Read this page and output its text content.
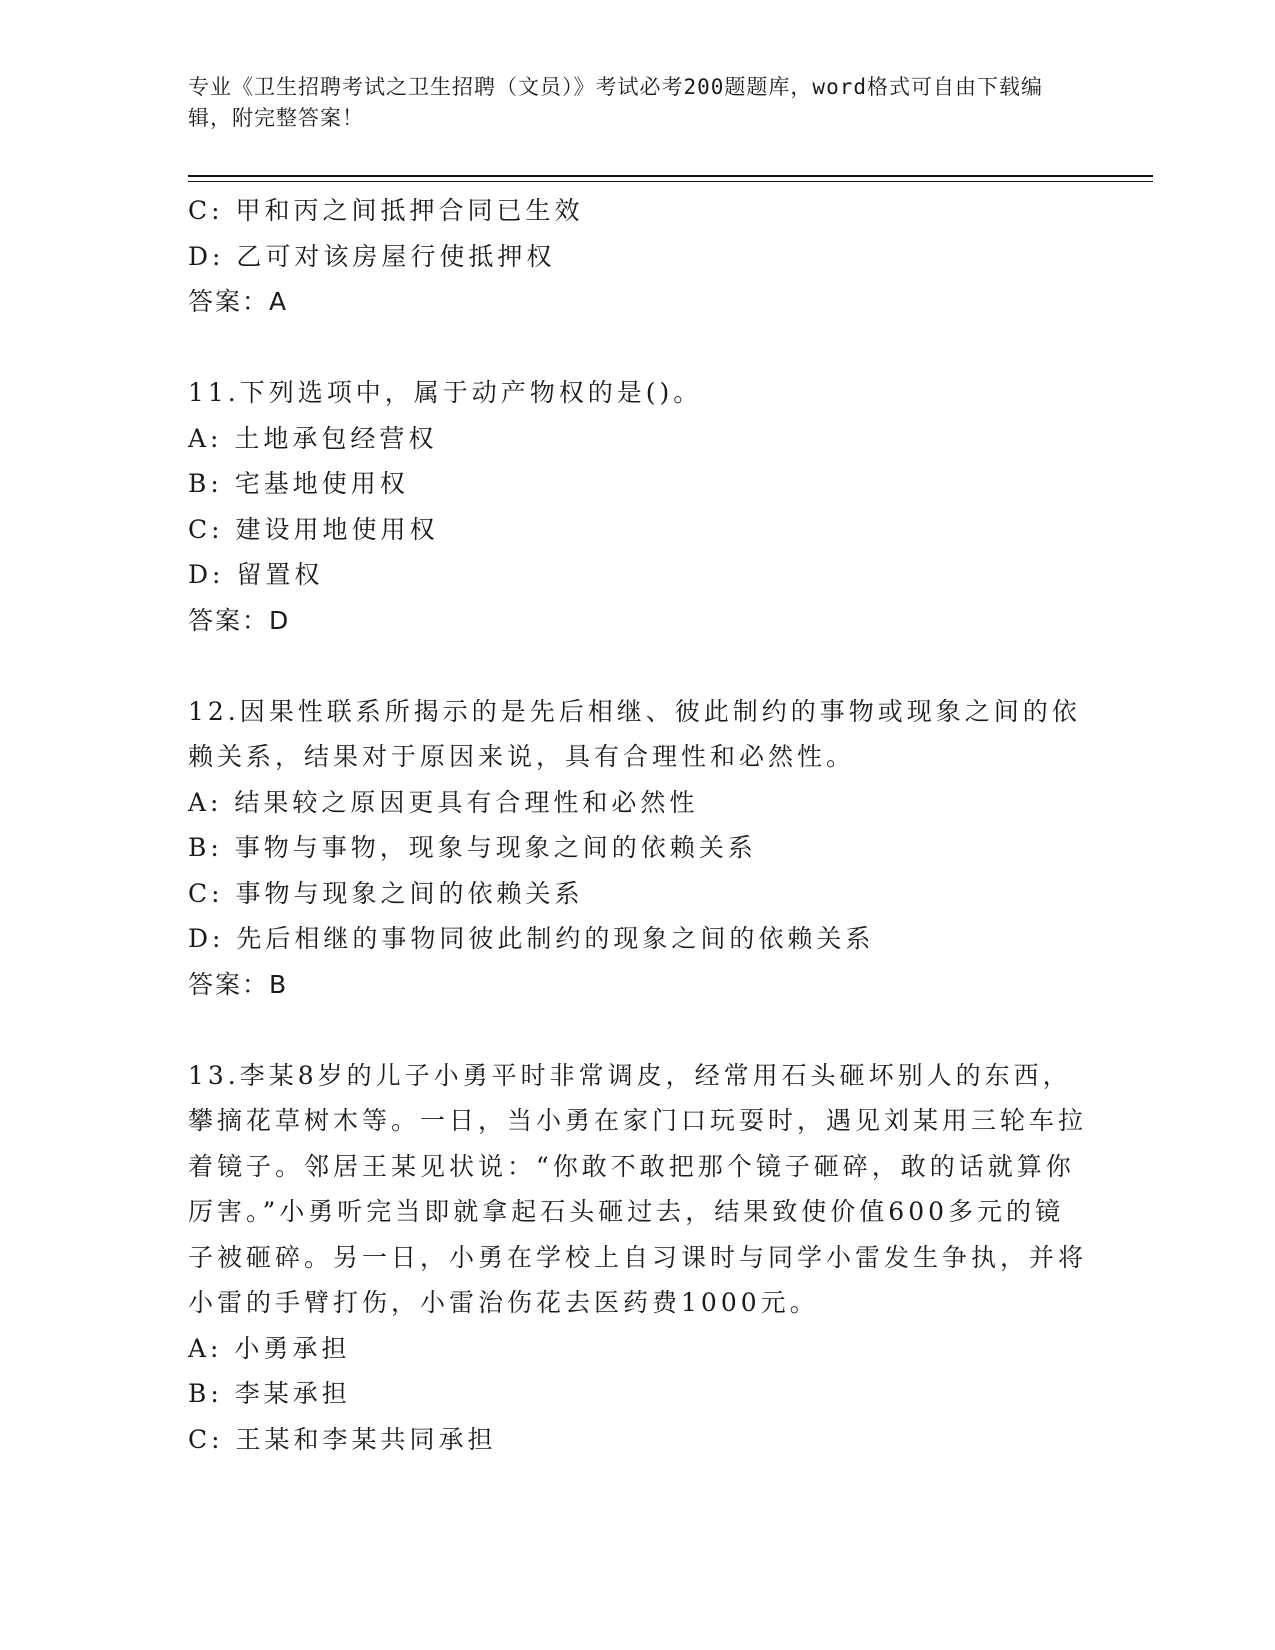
专业《卫生招聘考试之卫生招聘（文员）》考试必考200题题库，word格式可自由下载编辑，附完整答案！
C: 甲和丙之间抵押合同已生效
D: 乙可对该房屋行使抵押权
答案：A
11.下列选项中，属于动产物权的是()。
A: 土地承包经营权
B: 宅基地使用权
C: 建设用地使用权
D: 留置权
答案：D
12.因果性联系所揭示的是先后相继、彼此制约的事物或现象之间的依赖关系，结果对于原因来说，具有合理性和必然性。
A: 结果较之原因更具有合理性和必然性
B: 事物与事物，现象与现象之间的依赖关系
C: 事物与现象之间的依赖关系
D: 先后相继的事物同彼此制约的现象之间的依赖关系
答案：B
13.李某8岁的儿子小勇平时非常调皮，经常用石头砸坏别人的东西，攀摘花草树木等。一日，当小勇在家门口玩耍时，遇见刘某用三轮车拉着镜子。邻居王某见状说：“你敢不敢把那个镜子砸碎，敢的话就算你厉害。”小勇听完当即就拿起石头砸过去，结果致使价值600多元的镜子被砸碎。另一日，小勇在学校上自习课时与同学小雷发生争执，并将小雷的手臂打伤，小雷治伤花去医药费1000元。
A: 小勇承担
B: 李某承担
C: 王某和李某共同承担
